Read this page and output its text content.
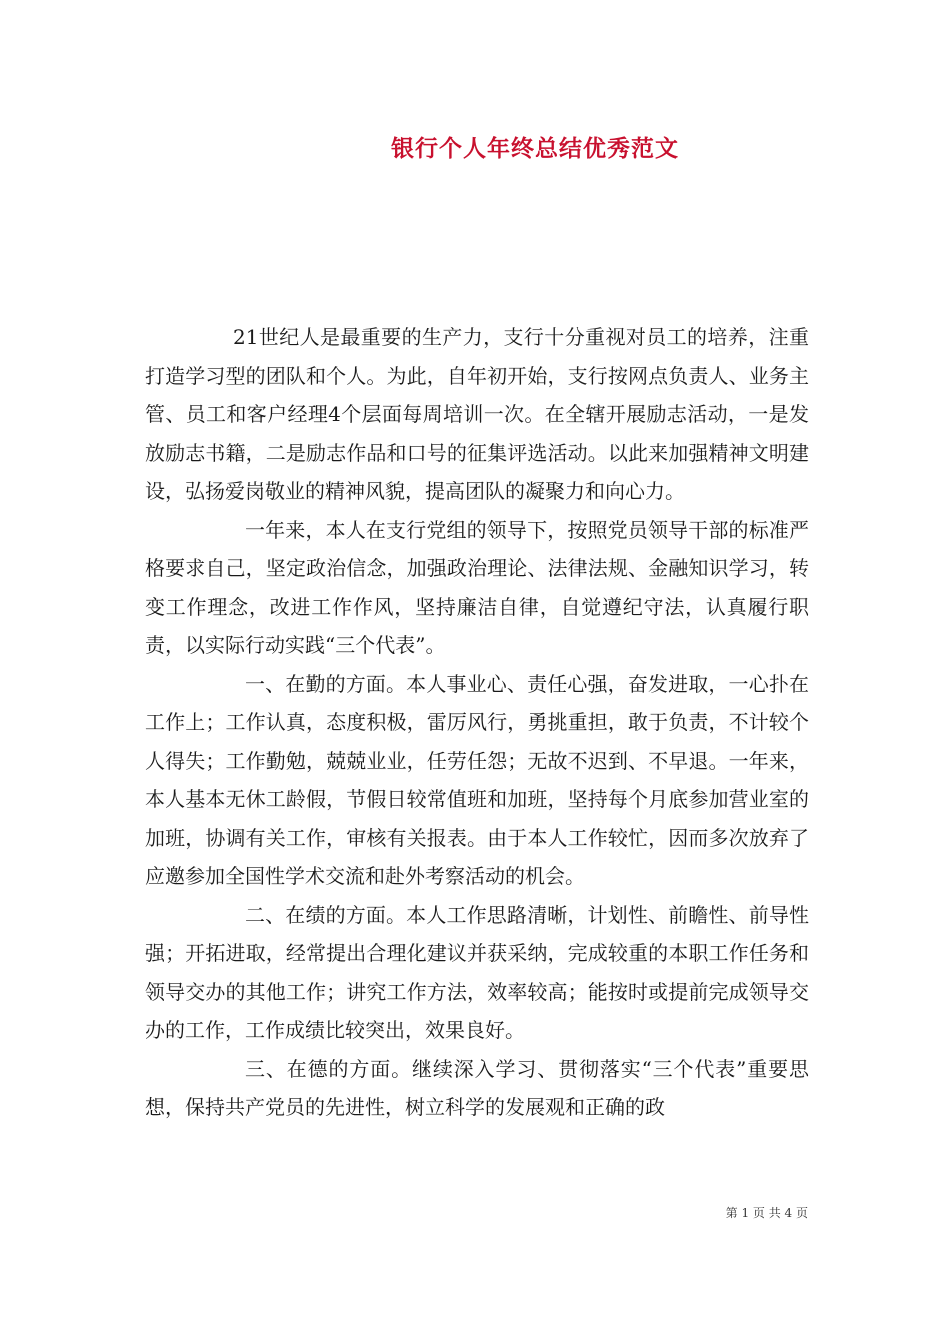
银行个人年终总结优秀范文

21世纪人是最重要的生产力，支行十分重视对员工的培养，注重打造学习型的团队和个人。为此，自年初开始，支行按网点负责人、业务主管、员工和客户经理4个层面每周培训一次。在全辖开展励志活动，一是发放励志书籍，二是励志作品和口号的征集评选活动。以此来加强精神文明建设，弘扬爱岗敬业的精神风貌，提高团队的凝聚力和向心力。

一年来，本人在支行党组的领导下，按照党员领导干部的标准严格要求自己，坚定政治信念，加强政治理论、法律法规、金融知识学习，转变工作理念，改进工作作风，坚持廉洁自律，自觉遵纪守法，认真履行职责，以实际行动实践“三个代表”。

一、在勤的方面。本人事业心、责任心强，奋发进取，一心扑在工作上；工作认真，态度积极，雷厉风行，勇挑重担，敢于负责，不计较个人得失；工作勤勉，兢兢业业，任劳任怨；无故不迟到、不早退。一年来，本人基本无休工龄假，节假日较常值班和加班，坚持每个月底参加营业室的加班，协调有关工作，审核有关报表。由于本人工作较忙，因而多次放弃了应邀参加全国性学术交流和赴外考察活动的机会。

二、在绩的方面。本人工作思路清晰，计划性、前瞻性、前导性强；开拓进取，经常提出合理化建议并获采纳，完成较重的本职工作任务和领导交办的其他工作；讲究工作方法，效率较高；能按时或提前完成领导交办的工作，工作成绩比较突出，效果良好。

三、在德的方面。继续深入学习、贯彻落实“三个代表”重要思想，保持共产党员的先进性，树立科学的发展观和正确的政

第 1 页 共 4 页
